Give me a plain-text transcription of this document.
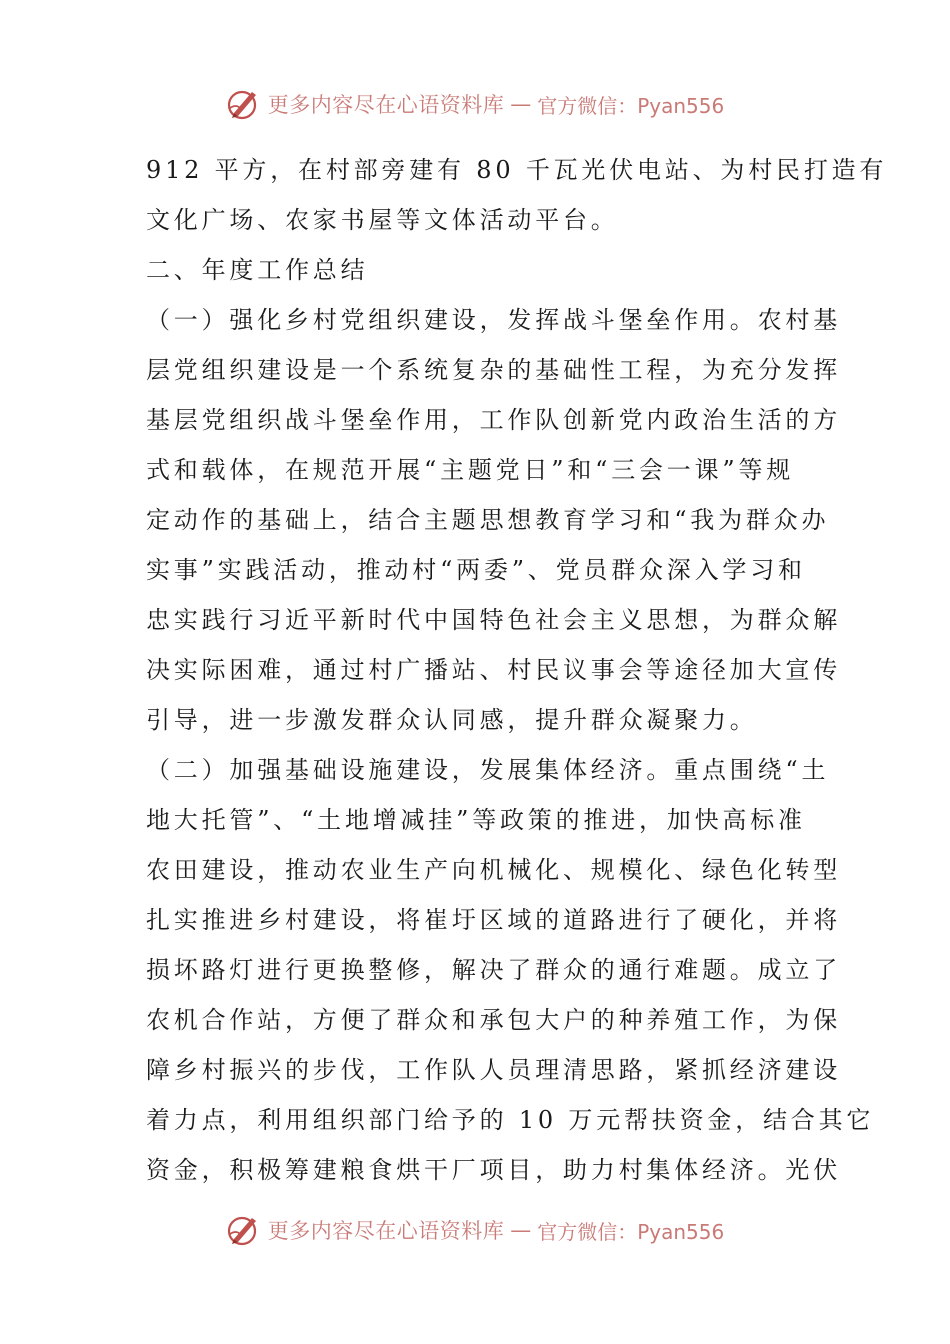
更多内容尽在心语资料库 — 官方微信：Pyan556
912 平方，在村部旁建有 80 千瓦光伏电站、为村民打造有
文化广场、农家书屋等文体活动平台。
二、年度工作总结
（一）强化乡村党组织建设，发挥战斗堡垒作用。农村基
层党组织建设是一个系统复杂的基础性工程，为充分发挥
基层党组织战斗堡垒作用，工作队创新党内政治生活的方
式和载体，在规范开展“主题党日”和“三会一课”等规
定动作的基础上，结合主题思想教育学习和“我为群众办
实事”实践活动，推动村“两委”、党员群众深入学习和
忠实践行习近平新时代中国特色社会主义思想，为群众解
决实际困难，通过村广播站、村民议事会等途径加大宣传
引导，进一步激发群众认同感，提升群众凝聚力。
（二）加强基础设施建设，发展集体经济。重点围绕“土
地大托管”、“土地增减挂”等政策的推进，加快高标准
农田建设，推动农业生产向机械化、规模化、绿色化转型
扎实推进乡村建设，将崔圩区域的道路进行了硬化，并将
损坏路灯进行更换整修，解决了群众的通行难题。成立了
农机合作站，方便了群众和承包大户的种养殖工作，为保
障乡村振兴的步伐，工作队人员理清思路，紧抓经济建设
着力点，利用组织部门给予的 10 万元帮扶资金，结合其它
资金，积极筹建粮食烘干厂项目，助力村集体经济。光伏
更多内容尽在心语资料库 — 官方微信：Pyan556
